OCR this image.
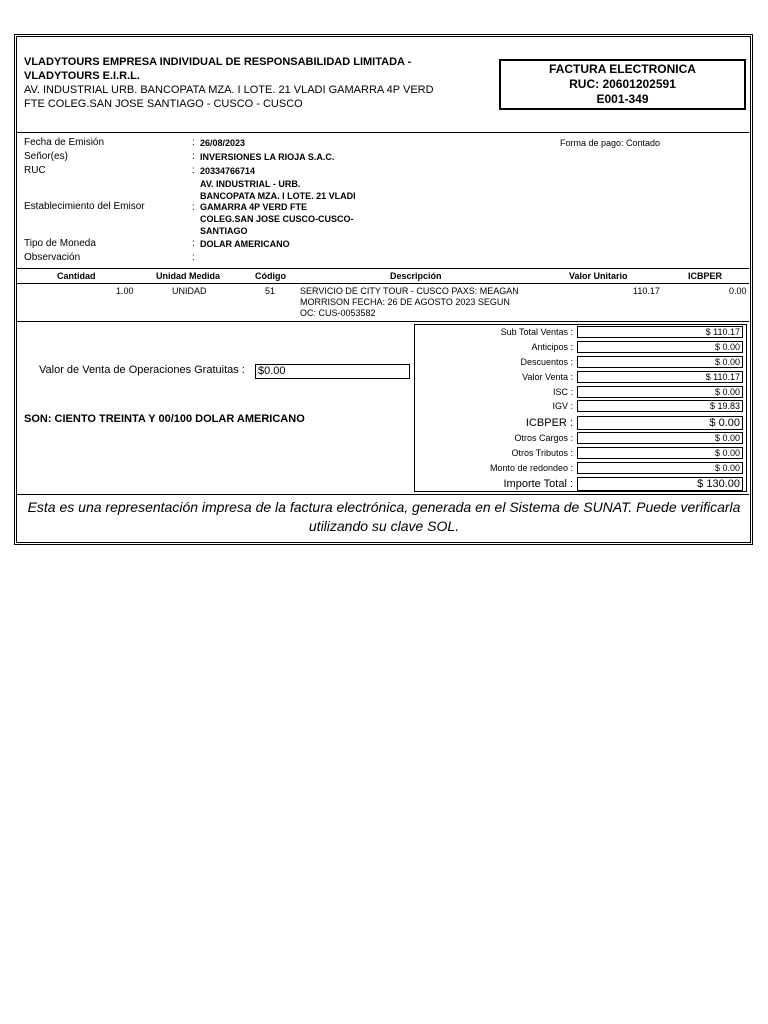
VLADYTOURS EMPRESA INDIVIDUAL DE RESPONSABILIDAD LIMITADA - VLADYTOURS E.I.R.L.
AV. INDUSTRIAL URB. BANCOPATA MZA. I LOTE. 21 VLADI GAMARRA 4P VERD FTE COLEG.SAN JOSE SANTIAGO - CUSCO - CUSCO
FACTURA ELECTRONICA
RUC: 20601202591
E001-349
Fecha de Emisión	: 26/08/2023	Forma de pago: Contado
Señor(es)	: INVERSIONES LA RIOJA S.A.C.
RUC	: 20334766714
AV. INDUSTRIAL - URB.
BANCOPATA MZA. I LOTE. 21 VLADI
Establecimiento del Emisor	: GAMARRA 4P VERD FTE
COLEG.SAN JOSE CUSCO-CUSCO-
SANTIAGO
Tipo de Moneda	: DOLAR AMERICANO
Observación	:
Cantidad	Unidad Medida	Código	Descripción	Valor Unitario	ICBPER
1.00	UNIDAD	51	SERVICIO DE CITY TOUR - CUSCO PAXS: MEAGAN
MORRISON FECHA: 26 DE AGOSTO 2023 SEGUN
OC: CUS-0053582
110.17	0.00
Valor de Venta de Operaciones Gratuitas : $0.00
SON: CIENTO TREINTA Y 00/100 DOLAR AMERICANO
Sub Total Ventas :	$ 110.17
Anticipos :	$ 0.00
Descuentos :	$ 0.00
Valor Venta :	$ 110.17
ISC :	$ 0.00
IGV :	$ 19.83
ICBPER :	$ 0.00
Otros Cargos :	$ 0.00
Otros Tributos :	$ 0.00
Monto de redondeo :	$ 0.00
Importe Total :	$ 130.00
Esta es una representación impresa de la factura electrónica, generada en el Sistema de SUNAT. Puede verificarla utilizando su clave SOL.
